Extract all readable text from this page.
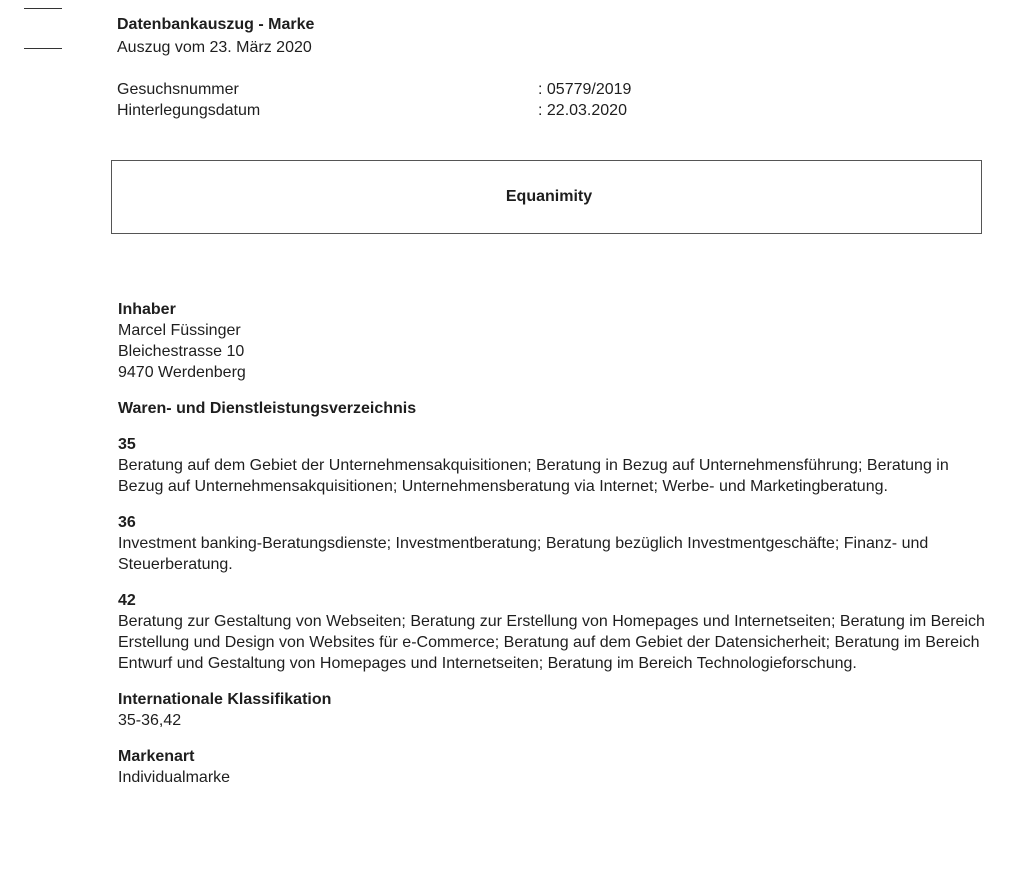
Datenbankauszug - Marke
Auszug vom 23. März 2020
Gesuchsnummer	: 05779/2019
Hinterlegungsdatum	: 22.03.2020
Equanimity
Inhaber
Marcel Füssinger
Bleichestrasse 10
9470 Werdenberg
Waren- und Dienstleistungsverzeichnis
35
Beratung auf dem Gebiet der Unternehmensakquisitionen; Beratung in Bezug auf Unternehmensführung; Beratung in Bezug auf Unternehmensakquisitionen; Unternehmensberatung via Internet; Werbe- und Marketingberatung.
36
Investment banking-Beratungsdienste; Investmentberatung; Beratung bezüglich Investmentgeschäfte; Finanz- und Steuerberatung.
42
Beratung zur Gestaltung von Webseiten; Beratung zur Erstellung von Homepages und Internetseiten; Beratung im Bereich Erstellung und Design von Websites für e-Commerce; Beratung auf dem Gebiet der Datensicherheit; Beratung im Bereich Entwurf und Gestaltung von Homepages und Internetseiten; Beratung im Bereich Technologieforschung.
Internationale Klassifikation
35-36,42
Markenart
Individualmarke
